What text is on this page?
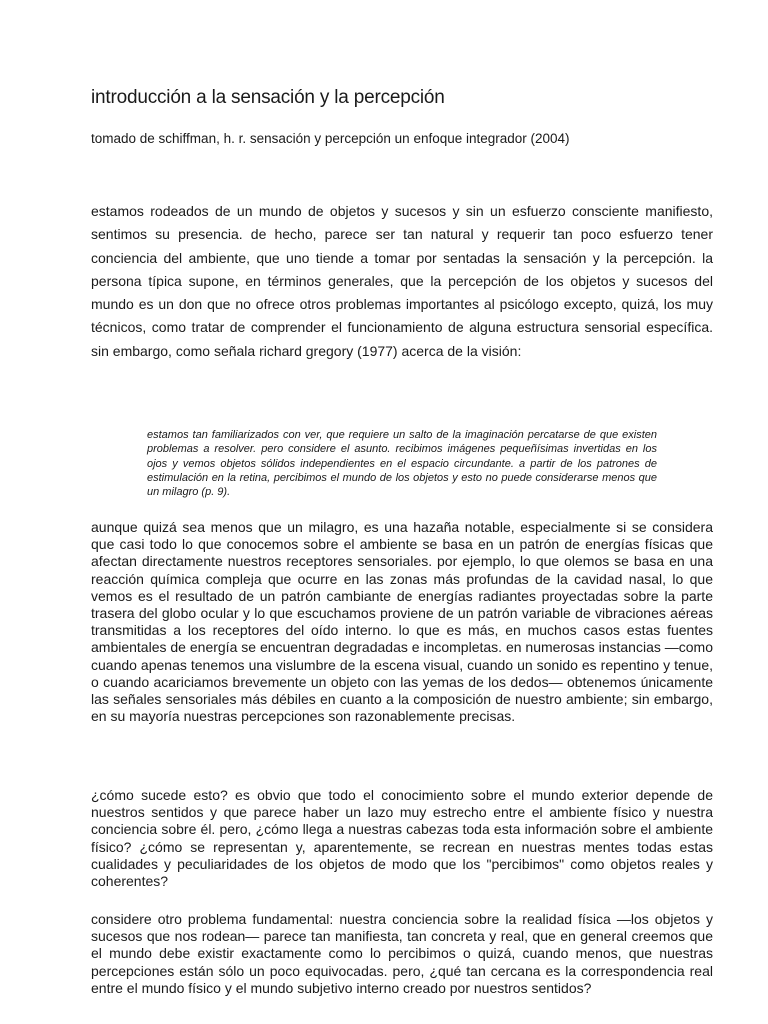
introducción a la sensación y la percepción

tomado de schiffman, h. r. sensación y percepción un enfoque integrador (2004)

estamos rodeados de un mundo de objetos y sucesos y sin un esfuerzo consciente manifiesto, sentimos su presencia. de hecho, parece ser tan natural y requerir tan poco esfuerzo tener conciencia del ambiente, que uno tiende a tomar por sentadas la sensación y la percepción. la persona típica supone, en términos generales, que la percepción de los objetos y sucesos del mundo es un don que no ofrece otros problemas importantes al psicólogo excepto, quizá, los muy técnicos, como tratar de comprender el funcionamiento de alguna estructura sensorial específica. sin embargo, como señala richard gregory (1977) acerca de la visión:

estamos tan familiarizados con ver, que requiere un salto de la imaginación percatarse de que existen problemas a resolver. pero considere el asunto. recibimos imágenes pequeñísimas invertidas en los ojos y vemos objetos sólidos independientes en el espacio circundante. a partir de los patrones de estimulación en la retina, percibimos el mundo de los objetos y esto no puede considerarse menos que un milagro (p. 9).

aunque quizá sea menos que un milagro, es una hazaña notable, especialmente si se considera que casi todo lo que conocemos sobre el ambiente se basa en un patrón de energías físicas que afectan directamente nuestros receptores sensoriales. por ejemplo, lo que olemos se basa en una reacción química compleja que ocurre en las zonas más profundas de la cavidad nasal, lo que vemos es el resultado de un patrón cambiante de energías radiantes proyectadas sobre la parte trasera del globo ocular y lo que escuchamos proviene de un patrón variable de vibraciones aéreas transmitidas a los receptores del oído interno. lo que es más, en muchos casos estas fuentes ambientales de energía se encuentran degradadas e incompletas. en numerosas instancias —como cuando apenas tenemos una vislumbre de la escena visual, cuando un sonido es repentino y tenue, o cuando acariciamos brevemente un objeto con las yemas de los dedos— obtenemos únicamente las señales sensoriales más débiles en cuanto a la composición de nuestro ambiente; sin embargo, en su mayoría nuestras percepciones son razonablemente precisas.

¿cómo sucede esto? es obvio que todo el conocimiento sobre el mundo exterior depende de nuestros sentidos y que parece haber un lazo muy estrecho entre el ambiente físico y nuestra conciencia sobre él. pero, ¿cómo llega a nuestras cabezas toda esta información sobre el ambiente físico? ¿cómo se representan y, aparentemente, se recrean en nuestras mentes todas estas cualidades y peculiaridades de los objetos de modo que los "percibimos" como objetos reales y coherentes?

considere otro problema fundamental: nuestra conciencia sobre la realidad física —los objetos y sucesos que nos rodean— parece tan manifiesta, tan concreta y real, que en general creemos que el mundo debe existir exactamente como lo percibimos o quizá, cuando menos, que nuestras percepciones están sólo un poco equivocadas. pero, ¿qué tan cercana es la correspondencia real entre el mundo físico y el mundo subjetivo interno creado por nuestros sentidos?
